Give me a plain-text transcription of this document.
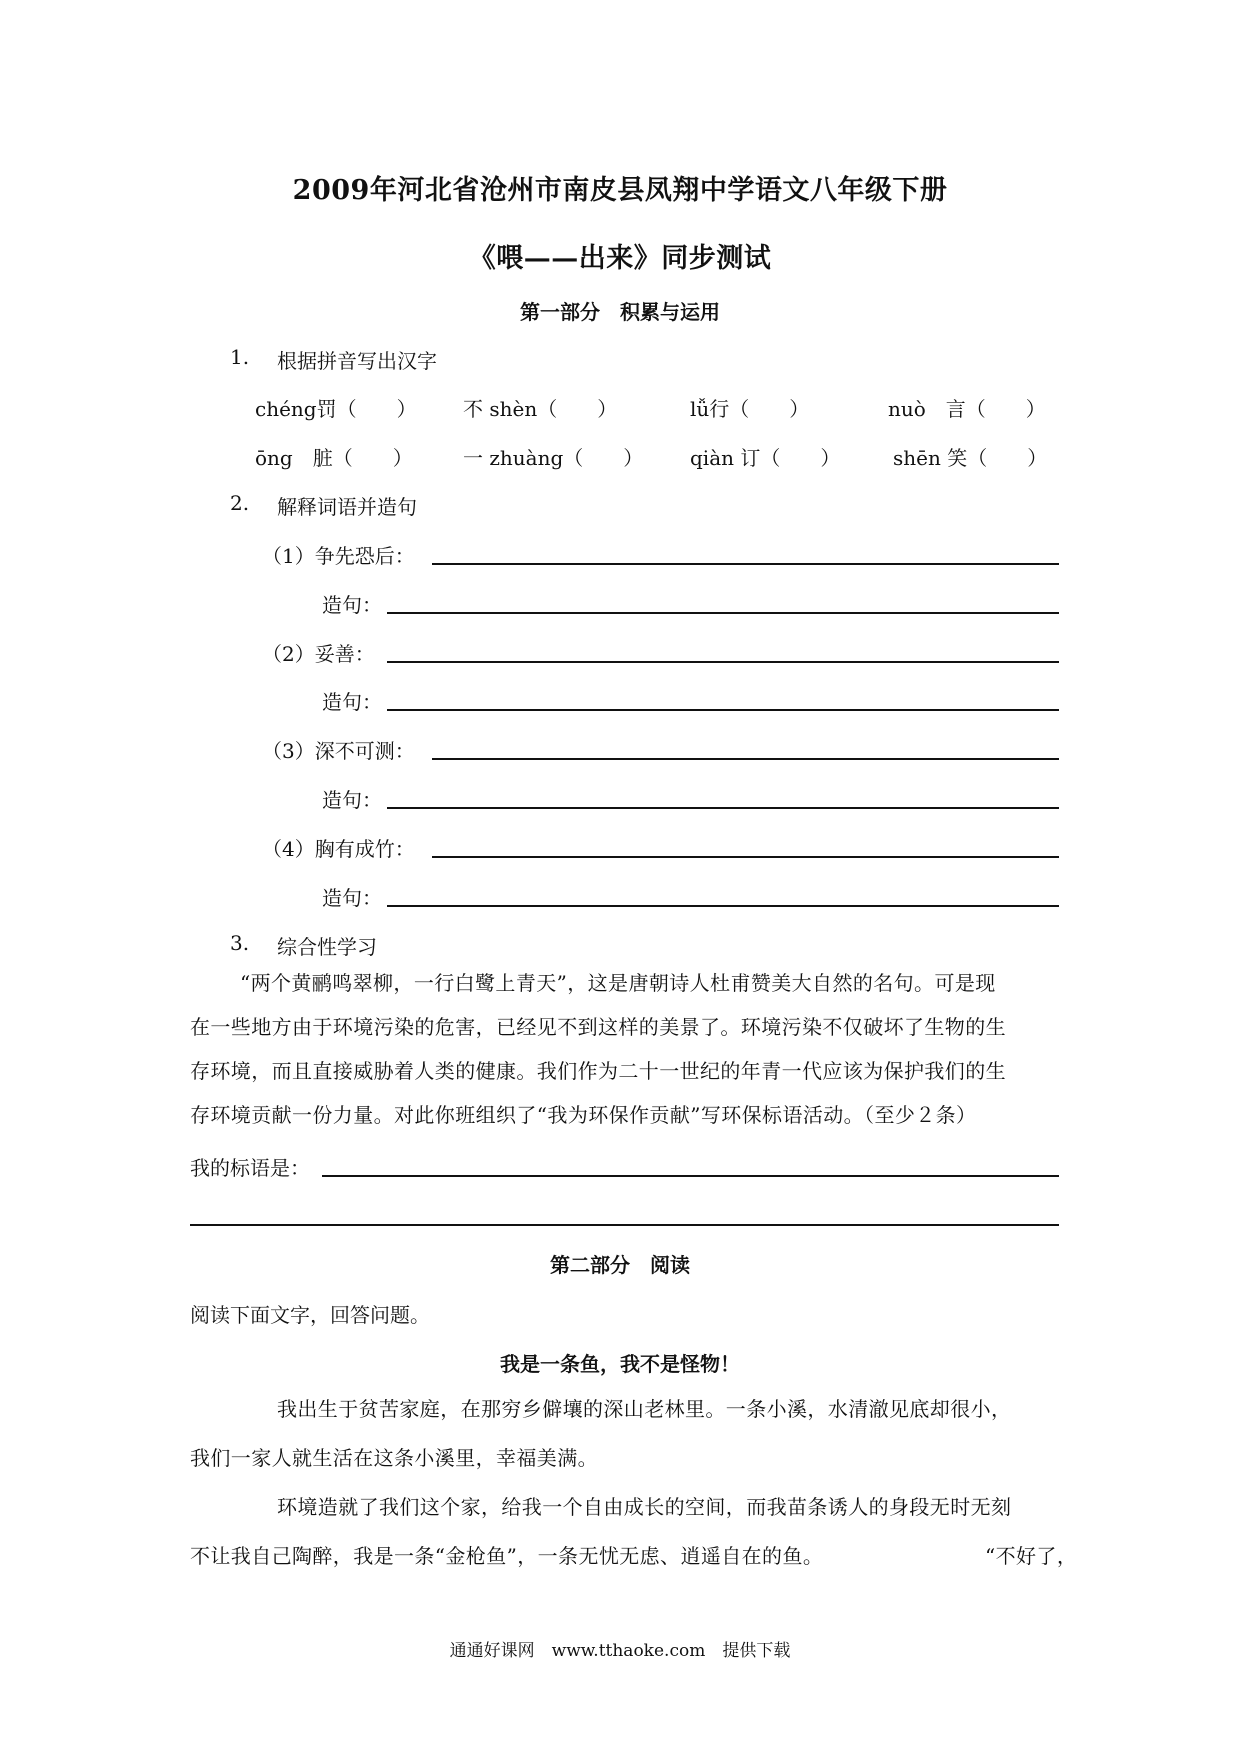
2009年河北省沧州市南皮县凤翔中学语文八年级下册
《喂——出来》同步测试
第一部分　积累与运用
1. 根据拼音写出汉字
chéng罚（　　） 不 shèn（　　）	lǚ行（　　）	nuò　言（　　）
ōng　脏（　　）	一 zhuàng（　　） qiàn 订（　　）	shēn 笑（　　）
2. 解释词语并造句
（1）争先恐后：
造句：
（2）妥善：
造句：
（3）深不可测：
造句：
（4）胸有成竹：
造句：
3. 综合性学习
“两个黄鹂鸣翠柳，一行白鹭上青天”，这是唐朝诗人杜甫赞美大自然的名句。可是现
在一些地方由于环境污染的危害，已经见不到这样的美景了。环境污染不仅破坏了生物的生
存环境，而且直接威胁着人类的健康。我们作为二十一世纪的年青一代应该为保护我们的生
存环境贡献一份力量。对此你班组织了“我为环保作贡献”写环保标语活动。（至少２条）
我的标语是：
第二部分　阅读
阅读下面文字，回答问题。
我是一条鱼，我不是怪物！
我出生于贫苦家庭，在那穷乡僻壤的深山老林里。一条小溪，水清澈见底却很小，
我们一家人就生活在这条小溪里，幸福美满。
环境造就了我们这个家，给我一个自由成长的空间，而我苗条诱人的身段无时无刻
不让我自己陶醉，我是一条“金枪鱼”，一条无忧无虑、逍遥自在的鱼。	“不好了，
通通好课网　www.tthaoke.com　提供下载
